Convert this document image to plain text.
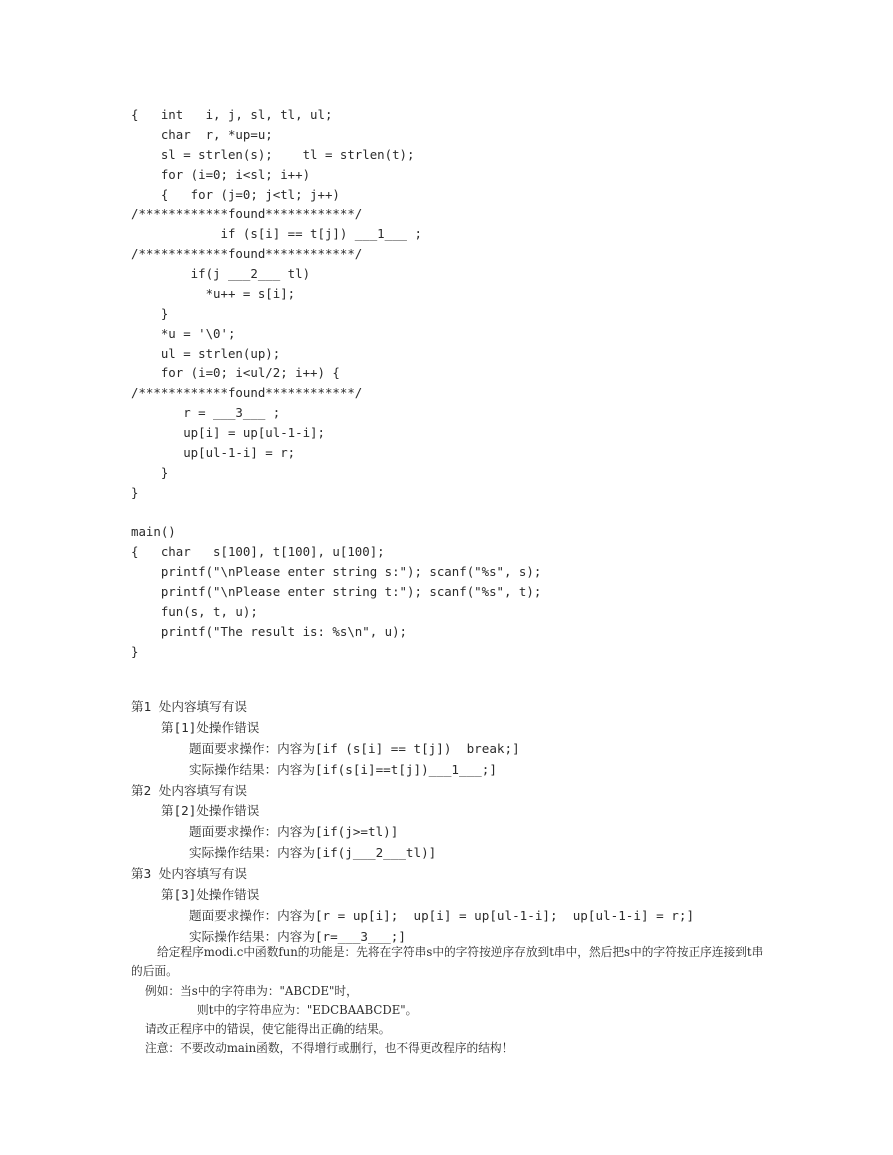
{   int   i, j, sl, tl, ul;
char  r, *up=u;
sl = strlen(s);    tl = strlen(t);
for (i=0; i<sl; i++)
{   for (j=0; j<tl; j++)
/************found************/
if (s[i] == t[j]) ___1___ ;
/************found************/
if(j ___2___ tl)
*u++ = s[i];
}
*u = '\0';
ul = strlen(up);
for (i=0; i<ul/2; i++) {
/************found************/
r = ___3___ ;
up[i] = up[ul-1-i];
up[ul-1-i] = r;
}
}
main()
{   char   s[100], t[100], u[100];
printf("\nPlease enter string s:"); scanf("%s", s);
printf("\nPlease enter string t:"); scanf("%s", t);
fun(s, t, u);
printf("The result is: %s\n", u);
}
第1 处内容填写有误
第[1]处操作错误
题面要求操作：内容为[if (s[i] == t[j])  break;]
实际操作结果：内容为[if(s[i]==t[j])___1___;]
第2 处内容填写有误
第[2]处操作错误
题面要求操作：内容为[if(j>=tl)]
实际操作结果：内容为[if(j___2___tl)]
第3 处内容填写有误
第[3]处操作错误
题面要求操作：内容为[r = up[i];  up[i] = up[ul-1-i];  up[ul-1-i] = r;]
实际操作结果：内容为[r=___3___;]

给定程序modi.c中函数fun的功能是：先将在字符串s中的字符按逆序存放到t串中，然后把s中的字符按正序连接到t串的后面。

例如：当s中的字符串为："ABCDE"时，

则t中的字符串应为："EDCBAABCDE"。

请改正程序中的错误，使它能得出正确的结果。

注意：不要改动main函数，不得增行或删行，也不得更改程序的结构！
